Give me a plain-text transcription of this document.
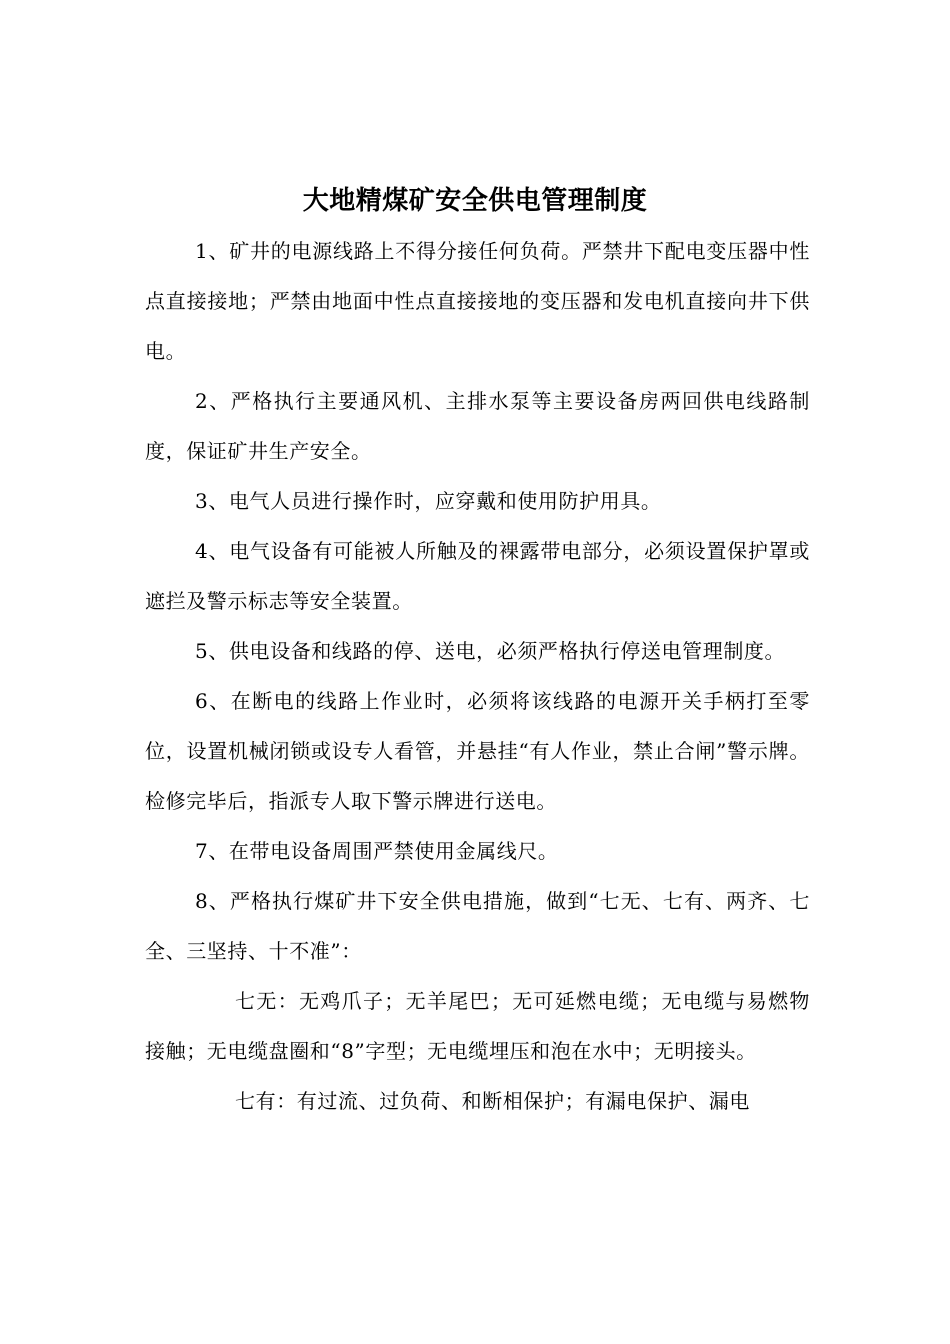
大地精煤矿安全供电管理制度

1、矿井的电源线路上不得分接任何负荷。严禁井下配电变压器中性点直接接地；严禁由地面中性点直接接地的变压器和发电机直接向井下供电。

2、严格执行主要通风机、主排水泵等主要设备房两回供电线路制度，保证矿井生产安全。

3、电气人员进行操作时，应穿戴和使用防护用具。

4、电气设备有可能被人所触及的裸露带电部分，必须设置保护罩或遮拦及警示标志等安全装置。

5、供电设备和线路的停、送电，必须严格执行停送电管理制度。

6、在断电的线路上作业时，必须将该线路的电源开关手柄打至零位，设置机械闭锁或设专人看管，并悬挂“有人作业，禁止合闸”警示牌。检修完毕后，指派专人取下警示牌进行送电。

7、在带电设备周围严禁使用金属线尺。

8、严格执行煤矿井下安全供电措施，做到“七无、七有、两齐、七全、三坚持、十不准”：

七无：无鸡爪子；无羊尾巴；无可延燃电缆；无电缆与易燃物接触；无电缆盘圈和“8”字型；无电缆埋压和泡在水中；无明接头。

七有：有过流、过负荷、和断相保护；有漏电保护、漏电
